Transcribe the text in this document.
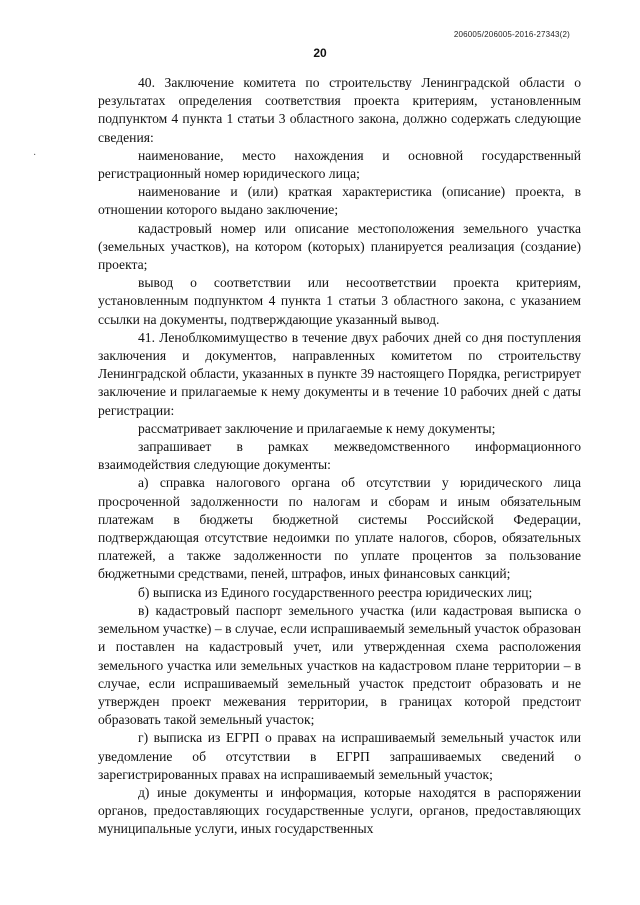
206005/206005-2016-27343(2)
20
·

40. Заключение комитета по строительству Ленинградской области о результатах определения соответствия проекта критериям, установленным подпунктом 4 пункта 1 статьи 3 областного закона, должно содержать следующие сведения:

наименование, место нахождения и основной государственный регистрационный номер юридического лица;

наименование и (или) краткая характеристика (описание) проекта, в отношении которого выдано заключение;

кадастровый номер или описание местоположения земельного участка (земельных участков), на котором (которых) планируется реализация (создание) проекта;

вывод о соответствии или несоответствии проекта критериям, установленным подпунктом 4 пункта 1 статьи 3 областного закона, с указанием ссылки на документы, подтверждающие указанный вывод.

41. Леноблкомимущество в течение двух рабочих дней со дня поступления заключения и документов, направленных комитетом по строительству Ленинградской области, указанных в пункте 39 настоящего Порядка, регистрирует заключение и прилагаемые к нему документы и в течение 10 рабочих дней с даты регистрации:

рассматривает заключение и прилагаемые к нему документы;

запрашивает в рамках межведомственного информационного взаимодействия следующие документы:

а) справка налогового органа об отсутствии у юридического лица просроченной задолженности по налогам и сборам и иным обязательным платежам в бюджеты бюджетной системы Российской Федерации, подтверждающая отсутствие недоимки по уплате налогов, сборов, обязательных платежей, а также задолженности по уплате процентов за пользование бюджетными средствами, пеней, штрафов, иных финансовых санкций;

б) выписка из Единого государственного реестра юридических лиц;

в) кадастровый паспорт земельного участка (или кадастровая выписка о земельном участке) – в случае, если испрашиваемый земельный участок образован и поставлен на кадастровый учет, или утвержденная схема расположения земельного участка или земельных участков на кадастровом плане территории – в случае, если испрашиваемый земельный участок предстоит образовать и не утвержден проект межевания территории, в границах которой предстоит образовать такой земельный участок;

г) выписка из ЕГРП о правах на испрашиваемый земельный участок или уведомление об отсутствии в ЕГРП запрашиваемых сведений о зарегистрированных правах на испрашиваемый земельный участок;

д) иные документы и информация, которые находятся в распоряжении органов, предоставляющих государственные услуги, органов, предоставляющих муниципальные услуги, иных государственных
